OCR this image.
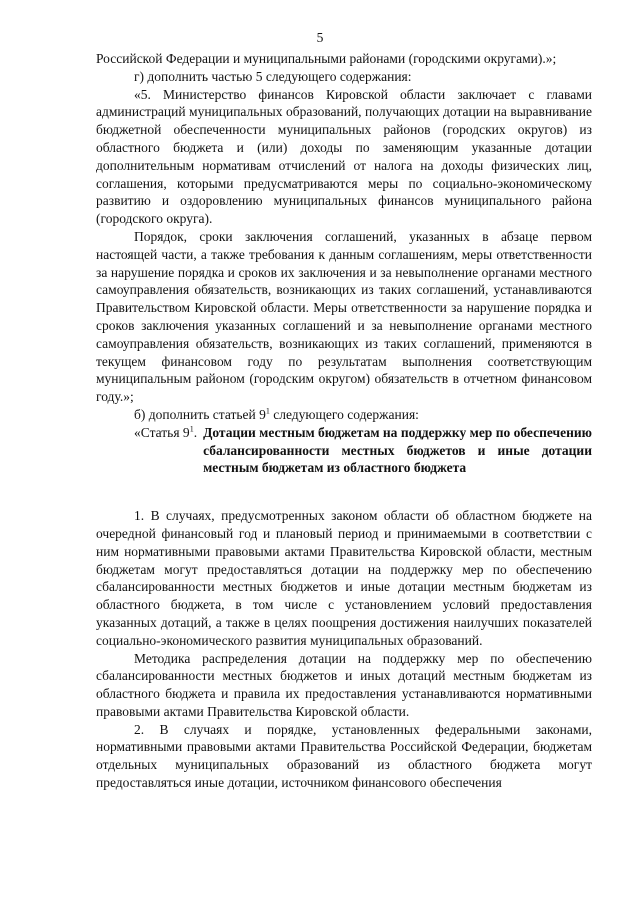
5

Российской Федерации и муниципальными районами (городскими округами).»;

г) дополнить частью 5 следующего содержания:

«5. Министерство финансов Кировской области заключает с главами администраций муниципальных образований, получающих дотации на выравнивание бюджетной обеспеченности муниципальных районов (городских округов) из областного бюджета и (или) доходы по заменяющим указанные дотации дополнительным нормативам отчислений от налога на доходы физических лиц, соглашения, которыми предусматриваются меры по социально-экономическому развитию и оздоровлению муниципальных финансов муниципального района (городского округа).

Порядок, сроки заключения соглашений, указанных в абзаце первом настоящей части, а также требования к данным соглашениям, меры ответственности за нарушение порядка и сроков их заключения и за невыполнение органами местного самоуправления обязательств, возникающих из таких соглашений, устанавливаются Правительством Кировской области. Меры ответственности за нарушение порядка и сроков заключения указанных соглашений и за невыполнение органами местного самоуправления обязательств, возникающих из таких соглашений, применяются в текущем финансовом году по результатам выполнения соответствующим муниципальным районом (городским округом) обязательств в отчетном финансовом году.»;

б) дополнить статьей $9^1$ следующего содержания:

«Статья $9^1$. Дотации местным бюджетам на поддержку мер по обеспечению сбалансированности местных бюджетов и иные дотации местным бюджетам из областного бюджета

1. В случаях, предусмотренных законом области об областном бюджете на очередной финансовый год и плановый период и принимаемыми в соответствии с ним нормативными правовыми актами Правительства Кировской области, местным бюджетам могут предоставляться дотации на поддержку мер по обеспечению сбалансированности местных бюджетов и иные дотации местным бюджетам из областного бюджета, в том числе с установлением условий предоставления указанных дотаций, а также в целях поощрения достижения наилучших показателей социально-экономического развития муниципальных образований.

Методика распределения дотации на поддержку мер по обеспечению сбалансированности местных бюджетов и иных дотаций местным бюджетам из областного бюджета и правила их предоставления устанавливаются нормативными правовыми актами Правительства Кировской области.

2. В случаях и порядке, установленных федеральными законами, нормативными правовыми актами Правительства Российской Федерации, бюджетам отдельных муниципальных образований из областного бюджета могут предоставляться иные дотации, источником финансового обеспечения
